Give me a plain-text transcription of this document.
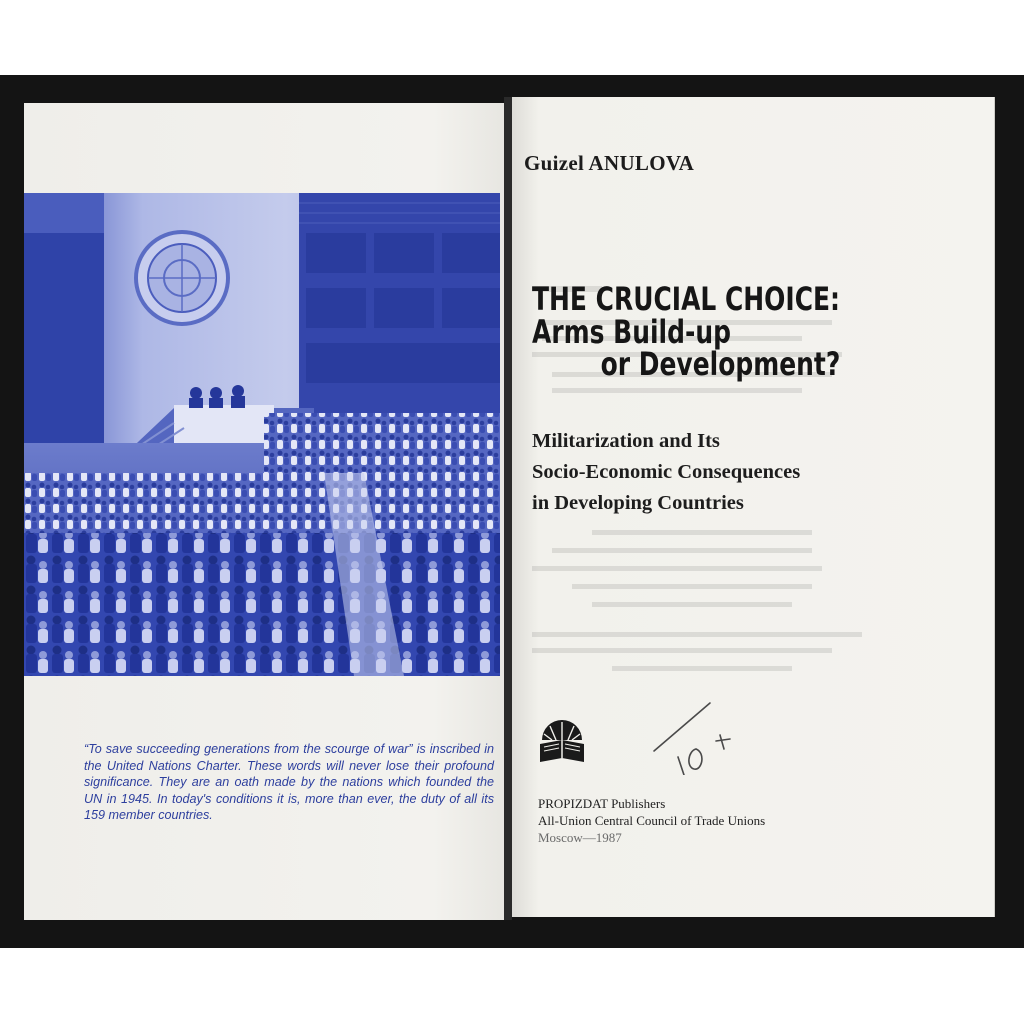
“To save succeeding generations from the scourge of war” is inscribed in the United Nations Charter. These words will never lose their profound significance. They are an oath made by the nations which founded the UN in 1945. In today's conditions it is, more than ever, the duty of all its 159 member countries.

Guizel ANULOVA
THE CRUCIAL CHOICE:
Arms Build-up
or Development?
Militarization and Its
Socio-Economic Consequences
in Developing Countries
10+
PROPIZDAT Publishers
All-Union Central Council of Trade Unions
Moscow—1987
